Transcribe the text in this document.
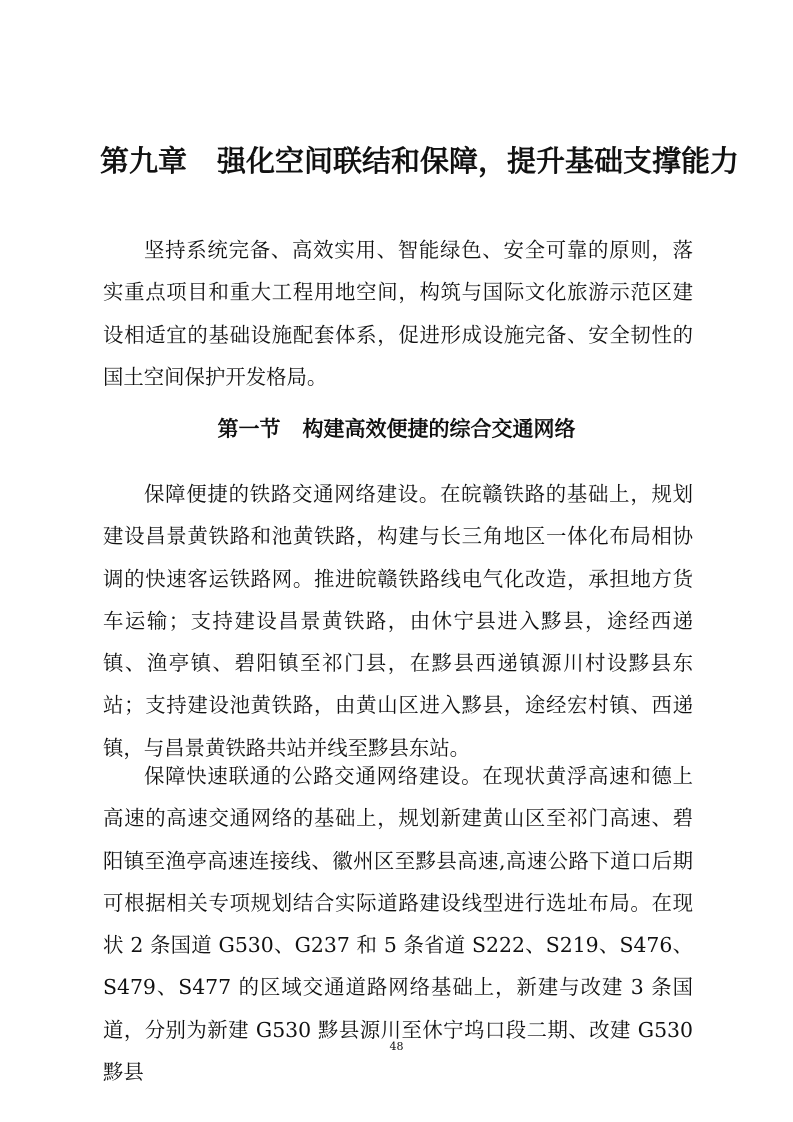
第九章 强化空间联结和保障，提升基础支撑能力

坚持系统完备、高效实用、智能绿色、安全可靠的原则，落实重点项目和重大工程用地空间，构筑与国际文化旅游示范区建设相适宜的基础设施配套体系，促进形成设施完备、安全韧性的国土空间保护开发格局。

第一节 构建高效便捷的综合交通网络

保障便捷的铁路交通网络建设。在皖赣铁路的基础上，规划建设昌景黄铁路和池黄铁路，构建与长三角地区一体化布局相协调的快速客运铁路网。推进皖赣铁路线电气化改造，承担地方货车运输；支持建设昌景黄铁路，由休宁县进入黟县，途经西递镇、渔亭镇、碧阳镇至祁门县，在黟县西递镇源川村设黟县东站；支持建设池黄铁路，由黄山区进入黟县，途经宏村镇、西递镇，与昌景黄铁路共站并线至黟县东站。

保障快速联通的公路交通网络建设。在现状黄浮高速和德上高速的高速交通网络的基础上，规划新建黄山区至祁门高速、碧阳镇至渔亭高速连接线、徽州区至黟县高速,高速公路下道口后期可根据相关专项规划结合实际道路建设线型进行选址布局。在现状 2 条国道 G530、G237 和 5 条省道 S222、S219、S476、S479、S477 的区域交通道路网络基础上，新建与改建 3 条国道，分别为新建 G530 黟县源川至休宁坞口段二期、改建 G530 黟县

48
